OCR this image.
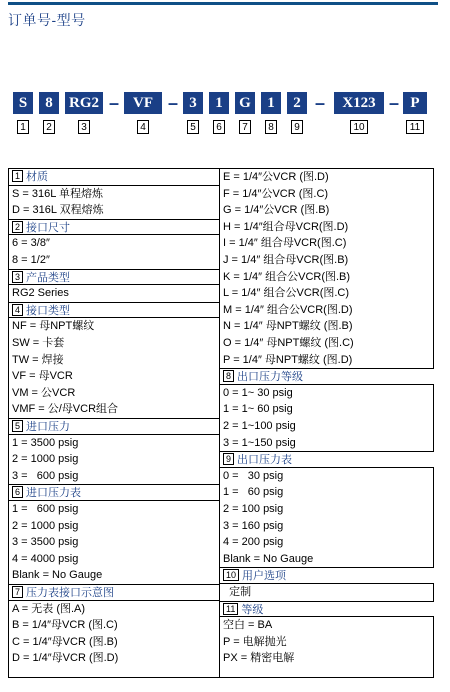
订单号-型号
S	8	RG2 – VF – 3	1	G	1	2 –	X123 – P
1	2	3	4	5	6	7	8	9	10	11
1 材质
S = 316L 单程熔炼
D = 316L 双程熔炼
2 接口尺寸
6 = 3/8″
8 = 1/2″
3 产品类型
RG2 Series
4 接口类型
NF = 母NPT螺纹
SW = 卡套
TW = 焊接
VF = 母VCR
VM = 公VCR
VMF = 公/母VCR组合
5 进口压力
1 = 3500 psig
2 = 1000 psig
3 =   600 psig
6 进口压力表
1 =   600 psig
2 = 1000 psig
3 = 3500 psig
4 = 4000 psig
Blank = No Gauge
7 压力表接口示意图
A = 无表 (图.A)
B = 1/4″母VCR (图.C)
C = 1/4″母VCR (图.B)
D = 1/4″母VCR (图.D)
E = 1/4″公VCR (图.D)
F = 1/4″公VCR (图.C)
G = 1/4″公VCR (图.B)
H = 1/4″组合母VCR(图.D)
I = 1/4″ 组合母VCR(图.C)
J = 1/4″ 组合母VCR(图.B)
K = 1/4″ 组合公VCR(图.B)
L = 1/4″ 组合公VCR(图.C)
M = 1/4″ 组合公VCR(图.D)
N = 1/4″ 母NPT螺纹 (图.B)
O = 1/4″ 母NPT螺纹 (图.C)
P = 1/4″ 母NPT螺纹 (图.D)
8 出口压力等级
0 = 1~ 30 psig
1 = 1~ 60 psig
2 = 1~100 psig
3 = 1~150 psig
9 出口压力表
0 =   30 psig
1 =   60 psig
2 = 100 psig
3 = 160 psig
4 = 200 psig
Blank = No Gauge
10 用户选项
定制
11 等级
空白 = BA
P = 电解抛光
PX = 精密电解
